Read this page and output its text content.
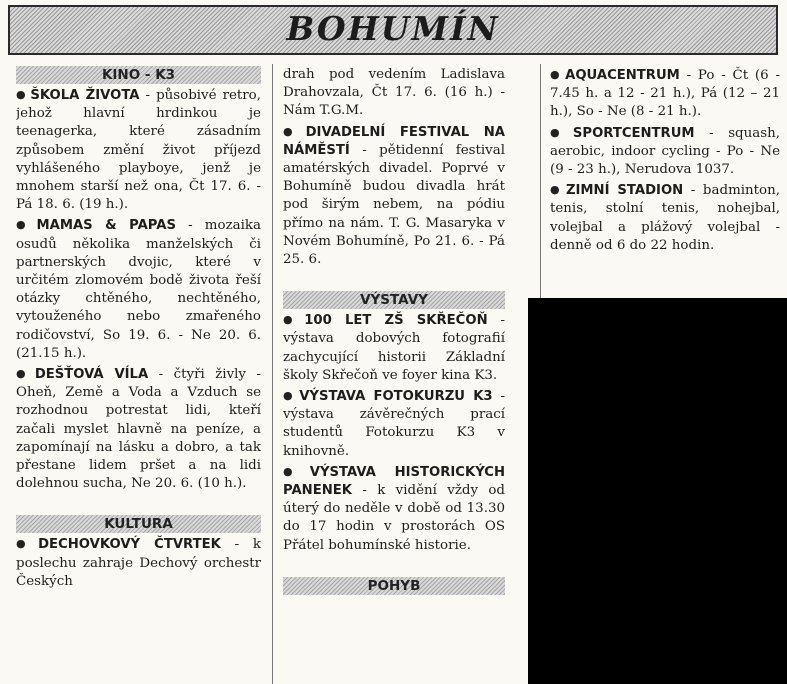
BOHUMÍN
KINO - K3
● ŠKOLA ŽIVOTA - působivé retro, jehož hlavní hrdinkou je teenagerka, které zásadním způsobem změní život příjezd vyhlášeného playboye, jenž je mnohem starší než ona, Čt 17. 6. - Pá 18. 6. (19 h.).
● MAMAS & PAPAS - mozaika osudů několika manželských či partnerských dvojic, které v určitém zlomovém bodě života řeší otázky chtěného, nechtěného, vytouženého nebo zmařeného rodičovství, So 19. 6. - Ne 20. 6. (21.15 h.).
● DEŠŤOVÁ VÍLA - čtyři živly - Oheň, Země a Voda a Vzduch se rozhodnou potrestat lidi, kteří začali myslet hlavně na peníze, a zapomínají na lásku a dobro, a tak přestane lidem pršet a na lidi dolehnou sucha, Ne 20. 6. (10 h.).
KULTURA
● DECHOVKOVÝ ČTVRTEK - k poslechu zahraje Dechový orchestr Českých
drah pod vedením Ladislava Drahovzala, Čt 17. 6. (16 h.) - Nám T.G.M.
● DIVADELNÍ FESTIVAL NA NÁMĚSTÍ - pětidenní festival amatérských divadel. Poprvé v Bohumíně budou divadla hrát pod širým nebem, na pódiu přímo na nám. T. G. Masaryka v Novém Bohumíně, Po 21. 6. - Pá 25. 6.
VÝSTAVY
● 100 LET ZŠ SKŘEČOŇ - výstava dobových fotografií zachycující historii Základní školy Skřečoň ve foyer kina K3.
● VÝSTAVA FOTOKURZU K3 - výstava závěrečných prací studentů Fotokurzu K3 v knihovně.
● VÝSTAVA HISTORICKÝCH PANENEK - k vidění vždy od úterý do neděle v době od 13.30 do 17 hodin v prostorách OS Přátel bohumínské historie.
POHYB
● AQUACENTRUM - Po - Čt (6 - 7.45 h. a 12 - 21 h.), Pá (12 – 21 h.), So - Ne (8 - 21 h.).
● SPORTCENTRUM - squash, aerobic, indoor cycling - Po - Ne (9 - 23 h.), Nerudova 1037.
● ZIMNÍ STADION - badminton, tenis, stolní tenis, nohejbal, volejbal a plážový volejbal - denně od 6 do 22 hodin.
